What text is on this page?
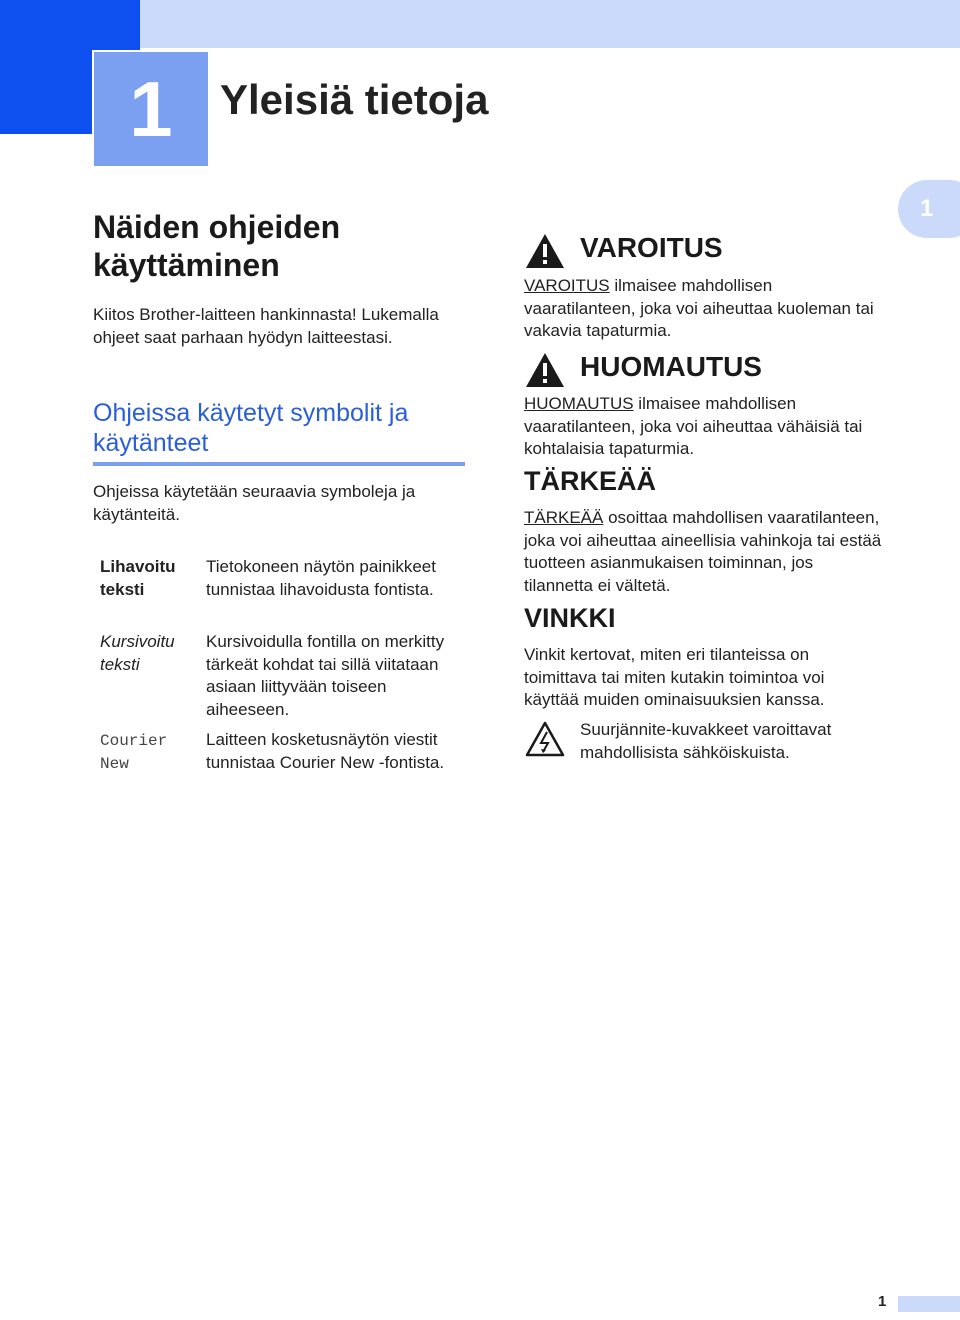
1 Yleisiä tietoja
1
Näiden ohjeiden käyttäminen
Kiitos Brother-laitteen hankinnasta! Lukemalla ohjeet saat parhaan hyödyn laitteestasi.
Ohjeissa käytetyt symbolit ja käytänteet
Ohjeissa käytetään seuraavia symboleja ja käytänteitä.
Lihavoitu
teksti
Tietokoneen näytön painikkeet tunnistaa lihavoidusta fontista.
Kursivoitu
teksti
Kursivoidulla fontilla on merkitty tärkeät kohdat tai sillä viitataan asiaan liittyvään toiseen aiheeseen.
Courier
New
Laitteen kosketusnäytön viestit tunnistaa Courier New -fontista.
VAROITUS
VAROITUS ilmaisee mahdollisen vaaratilanteen, joka voi aiheuttaa kuoleman tai vakavia tapaturmia.
HUOMAUTUS
HUOMAUTUS ilmaisee mahdollisen vaaratilanteen, joka voi aiheuttaa vähäisiä tai kohtalaisia tapaturmia.
TÄRKEÄÄ
TÄRKEÄÄ osoittaa mahdollisen vaaratilanteen, joka voi aiheuttaa aineellisia vahinkoja tai estää tuotteen asianmukaisen toiminnan, jos tilannetta ei vältetä.
VINKKI
Vinkit kertovat, miten eri tilanteissa on toimittava tai miten kutakin toimintoa voi käyttää muiden ominaisuuksien kanssa.
Suurjännite-kuvakkeet varoittavat mahdollisista sähköiskuista.
1
